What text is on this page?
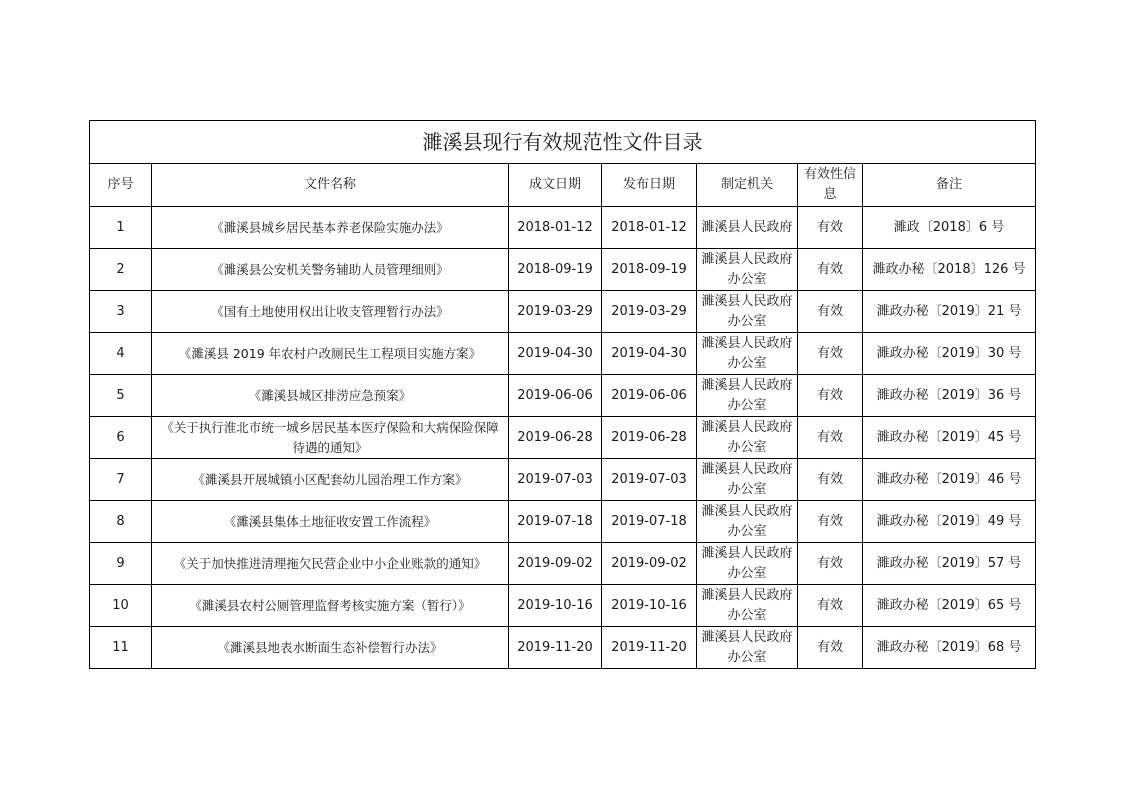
濉溪县现行有效规范性文件目录						
序号	文件名称	成文日期	发布日期	制定机关	有效性信息	备注
1	《濉溪县城乡居民基本养老保险实施办法》	2018-01-12	2018-01-12	濉溪县人民政府	有效	濉政〔2018〕6 号
2	《濉溪县公安机关警务辅助人员管理细则》	2018-09-19	2018-09-19	濉溪县人民政府办公室	有效	濉政办秘〔2018〕126 号
3	《国有土地使用权出让收支管理暂行办法》	2019-03-29	2019-03-29	濉溪县人民政府办公室	有效	濉政办秘〔2019〕21 号
4	《濉溪县 2019 年农村户改厕民生工程项目实施方案》	2019-04-30	2019-04-30	濉溪县人民政府办公室	有效	濉政办秘〔2019〕30 号
5	《濉溪县城区排涝应急预案》	2019-06-06	2019-06-06	濉溪县人民政府办公室	有效	濉政办秘〔2019〕36 号
6	《关于执行淮北市统一城乡居民基本医疗保险和大病保险保障待遇的通知》	2019-06-28	2019-06-28	濉溪县人民政府办公室	有效	濉政办秘〔2019〕45 号
7	《濉溪县开展城镇小区配套幼儿园治理工作方案》	2019-07-03	2019-07-03	濉溪县人民政府办公室	有效	濉政办秘〔2019〕46 号
8	《濉溪县集体土地征收安置工作流程》	2019-07-18	2019-07-18	濉溪县人民政府办公室	有效	濉政办秘〔2019〕49 号
9	《关于加快推进清理拖欠民营企业中小企业账款的通知》	2019-09-02	2019-09-02	濉溪县人民政府办公室	有效	濉政办秘〔2019〕57 号
10	《濉溪县农村公厕管理监督考核实施方案（暂行）》	2019-10-16	2019-10-16	濉溪县人民政府办公室	有效	濉政办秘〔2019〕65 号
11	《濉溪县地表水断面生态补偿暂行办法》	2019-11-20	2019-11-20	濉溪县人民政府办公室	有效	濉政办秘〔2019〕68 号
